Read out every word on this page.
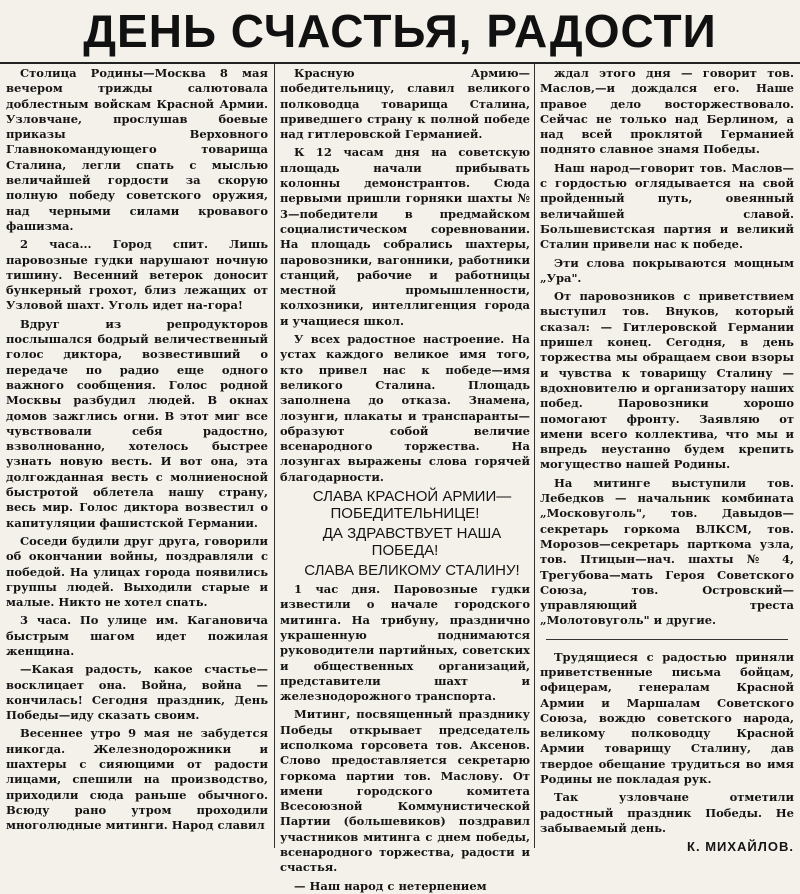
ДЕНЬ СЧАСТЬЯ, РАДОСТИ

Столица Родины—Москва 8 мая вечером трижды салютовала доблестным войскам Красной Армии. Узловчане, прослушав боевые приказы Верховного Главнокомандующего товарища Сталина, легли спать с мыслью величайшей гордости за скорую полную победу советского оружия, над черными силами кровавого фашизма.

2 часа... Город спит. Лишь паровозные гудки нарушают ночную тишину. Весенний ветерок доносит бункерный грохот, близ лежащих от Узловой шахт. Уголь идет на-гора!

Вдруг из репродукторов послышался бодрый величественный голос диктора, возвестивший о передаче по радио еще одного важного сообщения. Голос родной Москвы разбудил людей. В окнах домов зажглись огни. В этот миг все чувствовали себя радостно, взволнованно, хотелось быстрее узнать новую весть. И вот она, эта долгожданная весть с молниеносной быстротой облетела нашу страну, весь мир. Голос диктора возвестил о капитуляции фашистской Германии.

Соседи будили друг друга, говорили об окончании войны, поздравляли с победой. На улицах города появились группы людей. Выходили старые и малые. Никто не хотел спать.

3 часа. По улице им. Кагановича быстрым шагом идет пожилая женщина.

—Какая радость, какое счастье—восклицает она. Война, война — кончилась! Сегодня праздник, День Победы—иду сказать своим.

Весеннее утро 9 мая не забудется никогда. Железнодорожники и шахтеры с сияющими от радости лицами, спешили на производство, приходили сюда раньше обычного. Всюду рано утром проходили многолюдные митинги. Народ славил

Красную Армию—победительницу, славил великого полководца товарища Сталина, приведшего страну к полной победе над гитлеровской Германией.

К 12 часам дня на советскую площадь начали прибывать колонны демонстрантов. Сюда первыми пришли горняки шахты № 3—победители в предмайском социалистическом соревновании. На площадь собрались шахтеры, паровозники, вагонники, работники станций, рабочие и работницы местной промышленности, колхозники, интеллигенция города и учащиеся школ.

У всех радостное настроение. На устах каждого великое имя того, кто привел нас к победе—имя великого Сталина. Площадь заполнена до отказа. Знамена, лозунги, плакаты и транспаранты—образуют собой величие всенародного торжества. На лозунгах выражены слова горячей благодарности.

СЛАВА КРАСНОЙ АРМИИ—ПОБЕДИТЕЛЬНИЦЕ!

ДА ЗДРАВСТВУЕТ НАША ПОБЕДА!

СЛАВА ВЕЛИКОМУ СТАЛИНУ!

1 час дня. Паровозные гудки известили о начале городского митинга. На трибуну, празднично украшенную поднимаются руководители партийных, советских и общественных организаций, представители шахт и железнодорожного транспорта.

Митинг, посвященный празднику Победы открывает председатель исполкома горсовета тов. Аксенов. Слово предоставляется секретарю горкома партии тов. Маслову. От имени городского комитета Всесоюзной Коммунистической Партии (большевиков) поздравил участников митинга с днем победы, всенародного торжества, радости и счастья.

— Наш народ с нетерпением

ждал этого дня — говорит тов. Маслов,—и дождался его. Наше правое дело восторжествовало. Сейчас не только над Берлином, а над всей проклятой Германией поднято славное знамя Победы.

Наш народ—говорит тов. Маслов—с гордостью оглядывается на свой пройденный путь, овеянный величайшей славой. Большевистская партия и великий Сталин привели нас к победе.

Эти слова покрываются мощным „Ура".

От паровозников с приветствием выступил тов. Внуков, который сказал: — Гитлеровской Германии пришел конец. Сегодня, в день торжества мы обращаем свои взоры и чувства к товарищу Сталину — вдохновителю и организатору наших побед. Паровозники хорошо помогают фронту. Заявляю от имени всего коллектива, что мы и впредь неустанно будем крепить могущество нашей Родины.

На митинге выступили тов. Лебедков — начальник комбината „Московуголь", тов. Давыдов—секретарь горкома ВЛКСМ, тов. Морозов—секретарь парткома узла, тов. Птицын—нач. шахты № 4, Трегубова—мать Героя Советского Союза, тов. Островский—управляющий треста „Молотовуголь" и другие.

Трудящиеся с радостью приняли приветственные письма бойцам, офицерам, генералам Красной Армии и Маршалам Советского Союза, вождю советского народа, великому полководцу Красной Армии товарищу Сталину, дав твердое обещание трудиться во имя Родины не покладая рук.

Так узловчане отметили радостный праздник Победы. Не забываемый день.

К. МИХАЙЛОВ.
